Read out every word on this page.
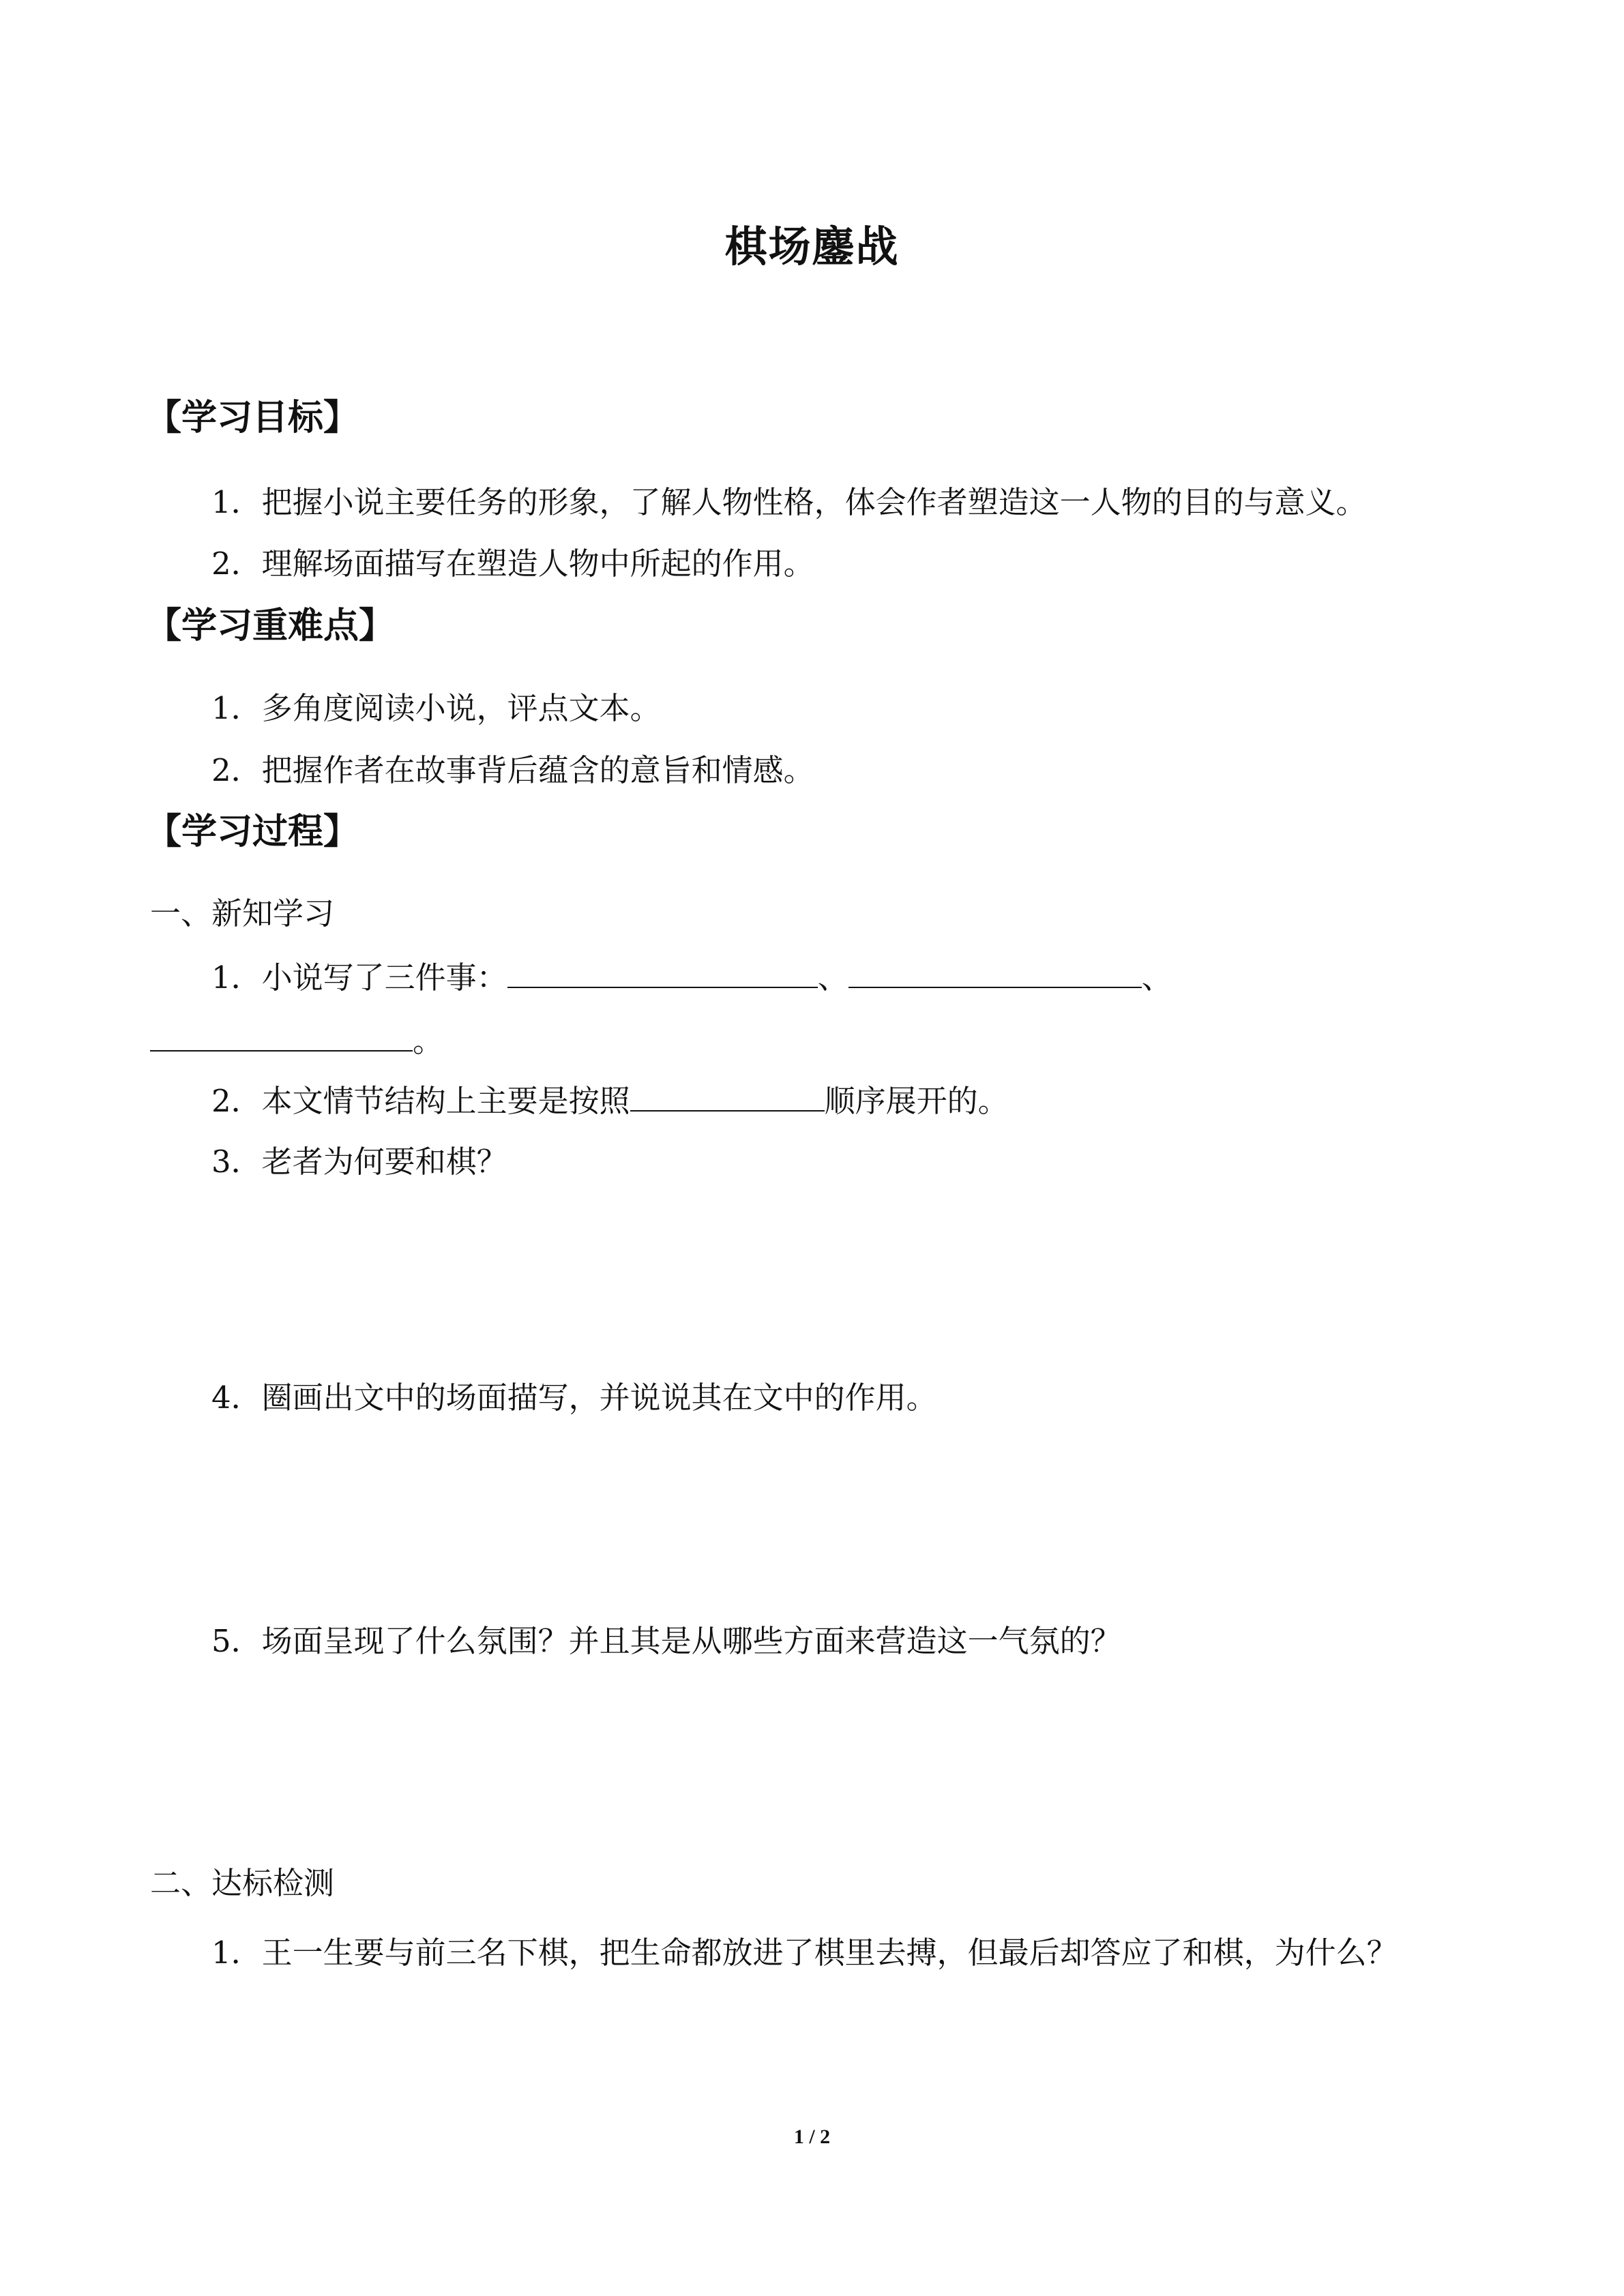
棋场鏖战
【学习目标】
1．把握小说主要任务的形象，了解人物性格，体会作者塑造这一人物的目的与意义。
2．理解场面描写在塑造人物中所起的作用。
【学习重难点】
1．多角度阅读小说，评点文本。
2．把握作者在故事背后蕴含的意旨和情感。
【学习过程】
一、新知学习
1．小说写了三件事：	、	、
。
2．本文情节结构上主要是按照	顺序展开的。
3．老者为何要和棋？
4．圈画出文中的场面描写，并说说其在文中的作用。
5．场面呈现了什么氛围？并且其是从哪些方面来营造这一气氛的？
二、达标检测
1．王一生要与前三名下棋，把生命都放进了棋里去搏，但最后却答应了和棋，为什么？
1 / 2
